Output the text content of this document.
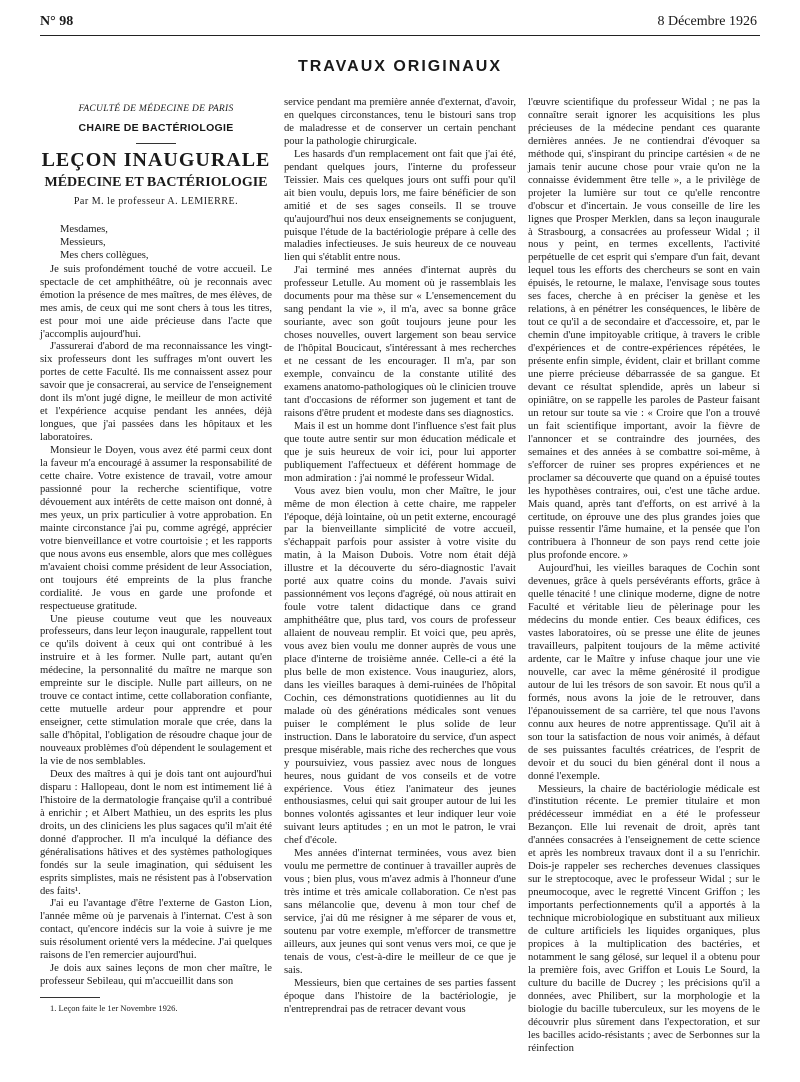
N° 98	8 Décembre 1926
TRAVAUX ORIGINAUX
FACULTÉ DE MÉDECINE DE PARIS
CHAIRE DE BACTÉRIOLOGIE
LEÇON INAUGURALE
MÉDECINE ET BACTÉRIOLOGIE
Par M. le professeur A. LEMIERRE.
Mesdames,
Messieurs,
Mes chers collègues,

Je suis profondément touché de votre accueil. Le spectacle de cet amphithéâtre, où je reconnais avec émotion la présence de mes maîtres, de mes élèves, de mes amis, de ceux qui me sont chers à tous les titres, est pour moi une aide précieuse dans l'acte que j'accomplis aujourd'hui.

J'assurerai d'abord de ma reconnaissance les vingt-six professeurs dont les suffrages m'ont ouvert les portes de cette Faculté. Ils me connaissent assez pour savoir que je consacrerai, au service de l'enseignement dont ils m'ont jugé digne, le meilleur de mon activité et l'expérience acquise pendant les années, déjà longues, que j'ai passées dans les hôpitaux et les laboratoires.

Monsieur le Doyen, vous avez été parmi ceux dont la faveur m'a encouragé à assumer la responsabilité de cette chaire. Votre existence de travail, votre amour passionné pour la recherche scientifique, votre dévouement aux intérêts de cette maison ont donné, à mes yeux, un prix particulier à votre approbation. En mainte circonstance j'ai pu, comme agrégé, apprécier votre bienveillance et votre courtoisie ; et les rapports que nous avons eus ensemble, alors que mes collègues m'avaient choisi comme président de leur Association, ont toujours été empreints de la plus franche cordialité. Je vous en garde une profonde et respectueuse gratitude.

Une pieuse coutume veut que les nouveaux professeurs, dans leur leçon inaugurale, rappellent tout ce qu'ils doivent à ceux qui ont contribué à les instruire et à les former. Nulle part, autant qu'en médecine, la personnalité du maître ne marque son empreinte sur le disciple. Nulle part ailleurs, on ne trouve ce contact intime, cette collaboration confiante, cette mutuelle ardeur pour apprendre et pour enseigner, cette stimulation morale que crée, dans la salle d'hôpital, l'obligation de résoudre chaque jour de nouveaux problèmes d'où dépendent le soulagement et la vie de nos semblables.

Deux des maîtres à qui je dois tant ont aujourd'hui disparu : Hallopeau, dont le nom est intimement lié à l'histoire de la dermatologie française qu'il a contribué à enrichir ; et Albert Mathieu, un des esprits les plus droits, un des cliniciens les plus sagaces qu'il m'ait été donné d'approcher. Il m'a inculqué la défiance des généralisations hâtives et des systèmes pathologiques fondés sur la seule imagination, qui séduisent les esprits simplistes, mais ne résistent pas à l'observation des faits¹.

J'ai eu l'avantage d'être l'externe de Gaston Lion, l'année même où je parvenais à l'internat. C'est à son contact, qu'encore indécis sur la voie à suivre je me suis résolument orienté vers la médecine. J'ai quelques raisons de l'en remercier aujourd'hui.

Je dois aux saines leçons de mon cher maître, le professeur Sebileau, qui m'accueillit dans son

1. Leçon faite le 1er Novembre 1926.

service pendant ma première année d'externat, d'avoir, en quelques circonstances, tenu le bistouri sans trop de maladresse et de conserver un certain penchant pour la pathologie chirurgicale.

Les hasards d'un remplacement ont fait que j'ai été, pendant quelques jours, l'interne du professeur Teissier. Mais ces quelques jours ont suffi pour qu'il ait bien voulu, depuis lors, me faire bénéficier de son amitié et de ses sages conseils. Il se trouve qu'aujourd'hui nos deux enseignements se conjuguent, puisque l'étude de la bactériologie prépare à celle des maladies infectieuses. Je suis heureux de ce nouveau lien qui s'établit entre nous.

J'ai terminé mes années d'internat auprès du professeur Letulle. Au moment où je rassemblais les documents pour ma thèse sur « L'ensemencement du sang pendant la vie », il m'a, avec sa bonne grâce souriante, avec son goût toujours jeune pour les choses nouvelles, ouvert largement son beau service de l'hôpital Boucicaut, s'intéressant à mes recherches et ne cessant de les encourager. Il m'a, par son exemple, convaincu de la constante utilité des examens anatomo-pathologiques où le clinicien trouve tant d'occasions de réformer son jugement et tant de raisons d'être prudent et modeste dans ses diagnostics.

Mais il est un homme dont l'influence s'est fait plus que toute autre sentir sur mon éducation médicale et que je suis heureux de voir ici, pour lui apporter publiquement l'affectueux et déférent hommage de mon admiration : j'ai nommé le professeur Widal.

Vous avez bien voulu, mon cher Maître, le jour même de mon élection à cette chaire, me rappeler l'époque, déjà lointaine, où un petit externe, encouragé par la bienveillante simplicité de votre accueil, s'échappait parfois pour assister à votre visite du matin, à la Maison Dubois. Votre nom était déjà illustre et la découverte du séro-diagnostic l'avait porté aux quatre coins du monde. J'avais suivi passionnément vos leçons d'agrégé, où nous attirait en foule votre talent didactique dans ce grand amphithéâtre que, plus tard, vos cours de professeur allaient de nouveau remplir. Et voici que, peu après, vous avez bien voulu me donner auprès de vous une place d'interne de troisième année. Celle-ci a été la plus belle de mon existence. Vous inauguriez, alors, dans les vieilles baraques à demi-ruinées de l'hôpital Cochin, ces démonstrations quotidiennes au lit du malade où des générations médicales sont venues puiser le complément le plus solide de leur instruction. Dans le laboratoire du service, d'un aspect presque misérable, mais riche des recherches que vous y poursuiviez, vous passiez avec nous de longues heures, nous guidant de vos conseils et de votre expérience. Vous étiez l'animateur des jeunes enthousiasmes, celui qui sait grouper autour de lui les bonnes volontés agissantes et leur indiquer leur voie suivant leurs aptitudes ; en un mot le patron, le vrai chef d'école.

Mes années d'internat terminées, vous avez bien voulu me permettre de continuer à travailler auprès de vous ; bien plus, vous m'avez admis à l'honneur d'une très intime et très amicale collaboration. Ce n'est pas sans mélancolie que, devenu à mon tour chef de service, j'ai dû me résigner à me séparer de vous et, soutenu par votre exemple, m'efforcer de transmettre ailleurs, aux jeunes qui sont venus vers moi, ce que je tenais de vous, c'est-à-dire le meilleur de ce que je sais.

Messieurs, bien que certaines de ses parties fassent époque dans l'histoire de la bactériologie, je n'entreprendrai pas de retracer devant vous

l'œuvre scientifique du professeur Widal ; ne pas la connaître serait ignorer les acquisitions les plus précieuses de la médecine pendant ces quarante dernières années. Je ne contiendrai d'évoquer sa méthode qui, s'inspirant du principe cartésien « de ne jamais tenir aucune chose pour vraie qu'on ne la connaisse évidemment être telle », a le privilège de projeter la lumière sur tout ce qu'elle rencontre d'obscur et d'incertain. Je vous conseille de lire les lignes que Prosper Merklen, dans sa leçon inaugurale à Strasbourg, a consacrées au professeur Widal ; il nous y peint, en termes excellents, l'activité perpétuelle de cet esprit qui s'empare d'un fait, devant lequel tous les efforts des chercheurs se sont en vain épuisés, le retourne, le malaxe, l'envisage sous toutes ses faces, cherche à en préciser la genèse et les relations, à en pénétrer les conséquences, le libère de tout ce qu'il a de secondaire et d'accessoire, et, par le chemin d'une impitoyable critique, à travers le crible d'expériences et de contre-expériences répétées, le présente enfin simple, évident, clair et brillant comme une pierre précieuse débarrassée de sa gangue. Et devant ce résultat splendide, après un labeur si opiniâtre, on se rappelle les paroles de Pasteur faisant un retour sur toute sa vie : « Croire que l'on a trouvé un fait scientifique important, avoir la fièvre de l'annoncer et se contraindre des journées, des semaines et des années à se combattre soi-même, à s'efforcer de ruiner ses propres expériences et ne proclamer sa découverte que quand on a épuisé toutes les hypothèses contraires, oui, c'est une tâche ardue. Mais quand, après tant d'efforts, on est arrivé à la certitude, on éprouve une des plus grandes joies que puisse ressentir l'âme humaine, et la pensée que l'on contribuera à l'honneur de son pays rend cette joie plus profonde encore. »

Aujourd'hui, les vieilles baraques de Cochin sont devenues, grâce à quels persévérants efforts, grâce à quelle ténacité ! une clinique moderne, digne de notre Faculté et véritable lieu de pèlerinage pour les médecins du monde entier. Ces beaux édifices, ces vastes laboratoires, où se presse une élite de jeunes travailleurs, palpitent toujours de la même activité ardente, car le Maître y infuse chaque jour une vie nouvelle, car avec la même générosité il prodigue autour de lui les trésors de son savoir. Et nous qu'il a formés, nous avons la joie de le retrouver, dans l'épanouissement de sa carrière, tel que nous l'avons connu aux heures de notre apprentissage. Qu'il ait à son tour la satisfaction de nous voir animés, à défaut de ses puissantes facultés créatrices, de l'esprit de devoir et du souci du bien général dont il nous a donné l'exemple.

Messieurs, la chaire de bactériologie médicale est d'institution récente. Le premier titulaire et mon prédécesseur immédiat en a été le professeur Bezançon. Elle lui revenait de droit, après tant d'années consacrées à l'enseignement de cette science et après les nombreux travaux dont il a su l'enrichir. Dois-je rappeler ses recherches devenues classiques sur le streptocoque, avec le professeur Widal ; sur le pneumocoque, avec le regretté Vincent Griffon ; les importants perfectionnements qu'il a apportés à la technique microbiologique en substituant aux milieux de culture artificiels les liquides organiques, plus propices à la multiplication des bactéries, et notamment le sang gélosé, sur lequel il a obtenu pour la première fois, avec Griffon et Louis Le Sourd, la culture du bacille de Ducrey ; les précisions qu'il a données, avec Philibert, sur la morphologie et la biologie du bacille tuberculeux, sur les moyens de le découvrir plus sûrement dans l'expectoration, et sur les bacilles acido-résistants ; avec de Serbonnes sur la réinfection
